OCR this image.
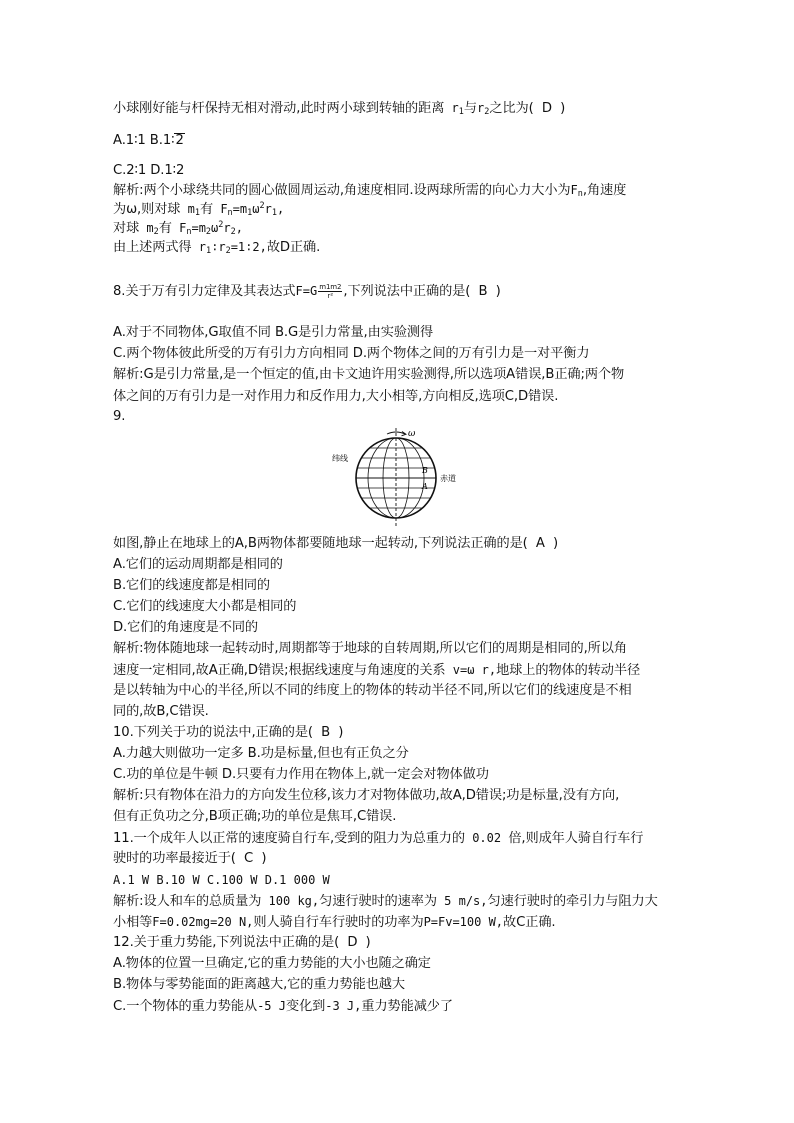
小球刚好能与杆保持无相对滑动,此时两小球到转轴的距离 $r_1$与$r_2$之比为( D  )
A.1∶1 B.1∶2
C.2∶1 D.1∶2
解析:两个小球绕共同的圆心做圆周运动,角速度相同.设两球所需的向心力大小为$F_n$,角速度
为ω,则对球 $m_1$有 $F_n=m_1\omega^2r_1$,
对球 $m_2$有 $F_n=m_2\omega^2r_2$,
由上述两式得 $r_1∶r_2=1∶2$,故D正确.
8.关于万有引力定律及其表达式$F=G \frac{m1m2}{\text{r²}}$ ,下列说法中正确的是( B  )
A.对于不同物体,G取值不同 B.G是引力常量,由实验测得
C.两个物体彼此所受的万有引力方向相同 D.两个物体之间的万有引力是一对平衡力
解析:G是引力常量,是一个恒定的值,由卡文迪许用实验测得,所以选项A错误,B正确;两个物
体之间的万有引力是一对作用力和反作用力,大小相等,方向相反,选项C,D错误.
9.
ω
纬线
B
A
赤道
如图,静止在地球上的A,B两物体都要随地球一起转动,下列说法正确的是( A  )
A.它们的运动周期都是相同的
B.它们的线速度都是相同的
C.它们的线速度大小都是相同的
D.它们的角速度是不同的
解析:物体随地球一起转动时,周期都等于地球的自转周期,所以它们的周期是相同的,所以角
速度一定相同,故A正确,D错误;根据线速度与角速度的关系 v=ω r,地球上的物体的转动半径
是以转轴为中心的半径,所以不同的纬度上的物体的转动半径不同,所以它们的线速度是不相
同的,故B,C错误.
10.下列关于功的说法中,正确的是( B  )
A.力越大则做功一定多 B.功是标量,但也有正负之分
C.功的单位是牛顿 D.只要有力作用在物体上,就一定会对物体做功
解析:只有物体在沿力的方向发生位移,该力才对物体做功,故A,D错误;功是标量,没有方向,
但有正负功之分,B项正确;功的单位是焦耳,C错误.
11.一个成年人以正常的速度骑自行车,受到的阻力为总重力的 0.02 倍,则成年人骑自行车行
驶时的功率最接近于( C  )
A.1 W B.10 W C.100 W D.1 000 W
解析:设人和车的总质量为 100 kg,匀速行驶时的速率为 5 m/s,匀速行驶时的牵引力与阻力大
小相等F=0.02mg=20 N,则人骑自行车行驶时的功率为P=Fv=100 W,故C正确.
12.关于重力势能,下列说法中正确的是( D  )
A.物体的位置一旦确定,它的重力势能的大小也随之确定
B.物体与零势能面的距离越大,它的重力势能也越大
C.一个物体的重力势能从-5 J变化到-3 J,重力势能减少了
